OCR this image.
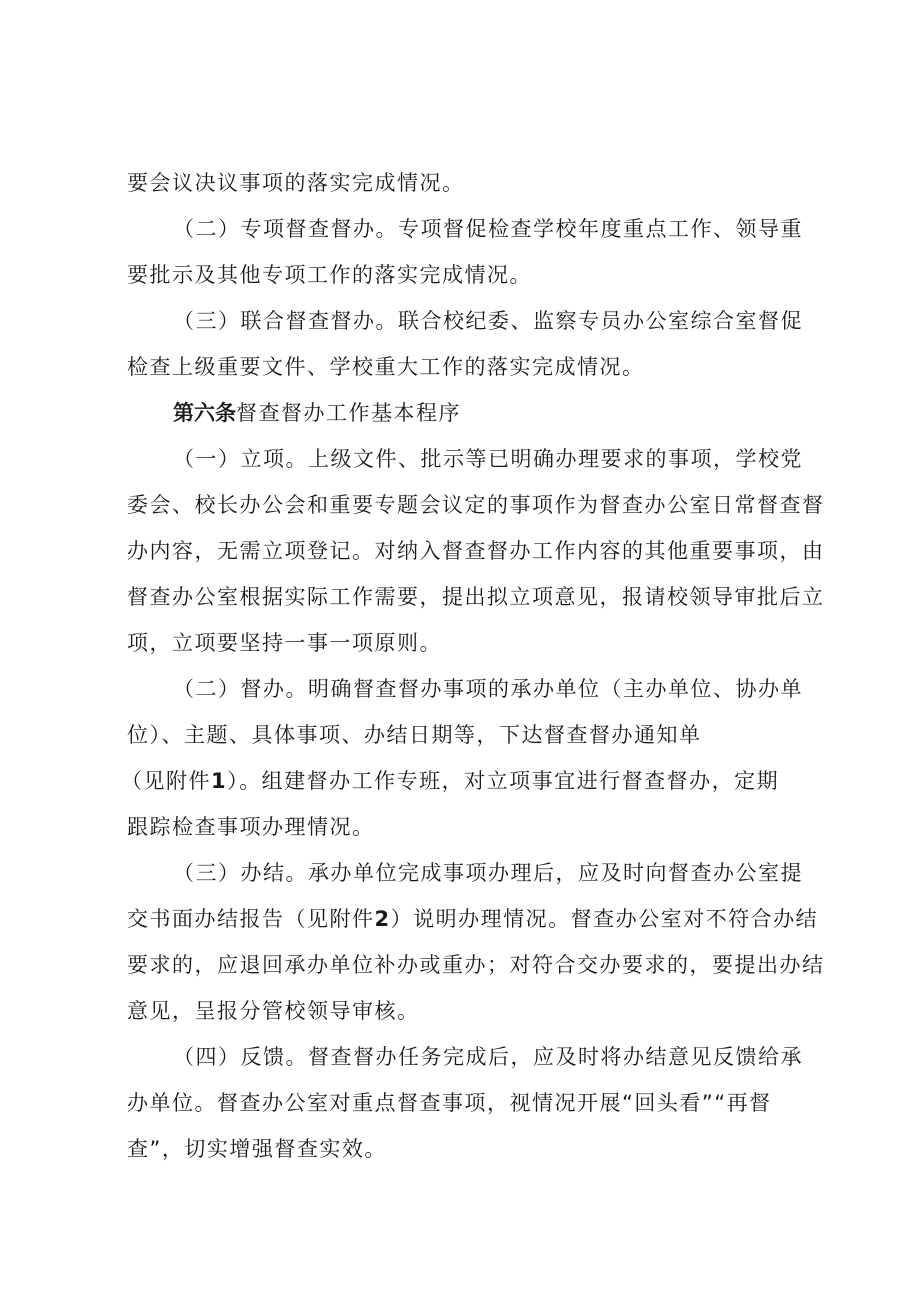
要会议决议事项的落实完成情况。
（二）专项督查督办。专项督促检查学校年度重点工作、领导重
要批示及其他专项工作的落实完成情况。
（三）联合督查督办。联合校纪委、监察专员办公室综合室督促
检查上级重要文件、学校重大工作的落实完成情况。
第六条督查督办工作基本程序
（一）立项。上级文件、批示等已明确办理要求的事项，学校党
委会、校长办公会和重要专题会议定的事项作为督查办公室日常督查督
办内容，无需立项登记。对纳入督查督办工作内容的其他重要事项，由
督查办公室根据实际工作需要，提出拟立项意见，报请校领导审批后立
项，立项要坚持一事一项原则。
（二）督办。明确督查督办事项的承办单位（主办单位、协办单
位）、主题、具体事项、办结日期等，下达督查督办通知单
（见附件1）。组建督办工作专班，对立项事宜进行督查督办，定期
跟踪检查事项办理情况。
（三）办结。承办单位完成事项办理后，应及时向督查办公室提
交书面办结报告（见附件2）说明办理情况。督查办公室对不符合办结
要求的，应退回承办单位补办或重办；对符合交办要求的，要提出办结
意见，呈报分管校领导审核。
（四）反馈。督查督办任务完成后，应及时将办结意见反馈给承
办单位。督查办公室对重点督查事项，视情况开展“回头看”“再督
查”，切实增强督查实效。
